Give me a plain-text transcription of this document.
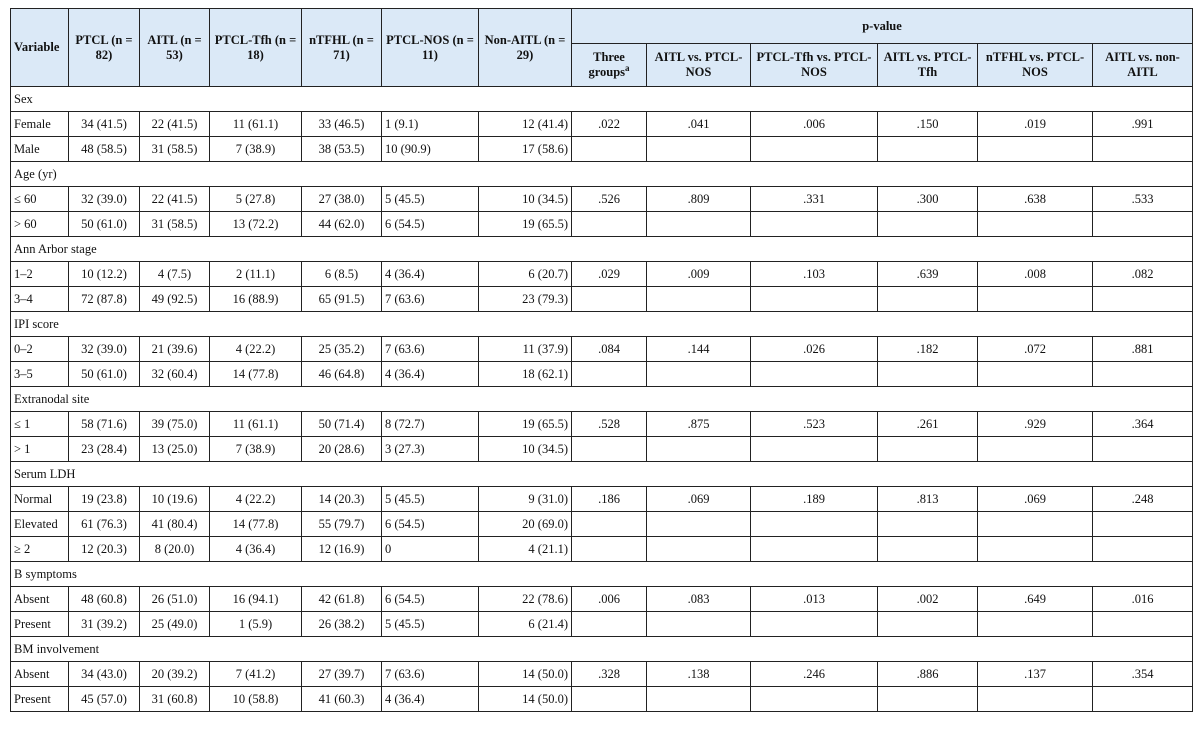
Variable	PTCL (n = 82)	AITL (n = 53)	PTCL-Tfh (n = 18)	nTFHL (n = 71)	PTCL-NOS (n = 11)	Non-AITL (n = 29)	p-value					
							Three groups$^a$	AITL vs. PTCL-NOS	PTCL-Tfh vs. PTCL-NOS	AITL vs. PTCL-Tfh	nTFHL vs. PTCL-NOS	AITL vs. non-AITL
Sex												
Female	34 (41.5)	22 (41.5)	11 (61.1)	33 (46.5)	1 (9.1)	12 (41.4)	.022	.041	.006	.150	.019	.991
Male	48 (58.5)	31 (58.5)	7 (38.9)	38 (53.5)	10 (90.9)	17 (58.6)						
Age (yr)												
≤ 60	32 (39.0)	22 (41.5)	5 (27.8)	27 (38.0)	5 (45.5)	10 (34.5)	.526	.809	.331	.300	.638	.533
> 60	50 (61.0)	31 (58.5)	13 (72.2)	44 (62.0)	6 (54.5)	19 (65.5)						
Ann Arbor stage												
1–2	10 (12.2)	4 (7.5)	2 (11.1)	6 (8.5)	4 (36.4)	6 (20.7)	.029	.009	.103	.639	.008	.082
3–4	72 (87.8)	49 (92.5)	16 (88.9)	65 (91.5)	7 (63.6)	23 (79.3)						
IPI score												
0–2	32 (39.0)	21 (39.6)	4 (22.2)	25 (35.2)	7 (63.6)	11 (37.9)	.084	.144	.026	.182	.072	.881
3–5	50 (61.0)	32 (60.4)	14 (77.8)	46 (64.8)	4 (36.4)	18 (62.1)						
Extranodal site												
≤ 1	58 (71.6)	39 (75.0)	11 (61.1)	50 (71.4)	8 (72.7)	19 (65.5)	.528	.875	.523	.261	.929	.364
> 1	23 (28.4)	13 (25.0)	7 (38.9)	20 (28.6)	3 (27.3)	10 (34.5)						
Serum LDH												
Normal	19 (23.8)	10 (19.6)	4 (22.2)	14 (20.3)	5 (45.5)	9 (31.0)	.186	.069	.189	.813	.069	.248
Elevated	61 (76.3)	41 (80.4)	14 (77.8)	55 (79.7)	6 (54.5)	20 (69.0)						
≥ 2	12 (20.3)	8 (20.0)	4 (36.4)	12 (16.9)	0	4 (21.1)						
B symptoms												
Absent	48 (60.8)	26 (51.0)	16 (94.1)	42 (61.8)	6 (54.5)	22 (78.6)	.006	.083	.013	.002	.649	.016
Present	31 (39.2)	25 (49.0)	1 (5.9)	26 (38.2)	5 (45.5)	6 (21.4)						
BM involvement												
Absent	34 (43.0)	20 (39.2)	7 (41.2)	27 (39.7)	7 (63.6)	14 (50.0)	.328	.138	.246	.886	.137	.354
Present	45 (57.0)	31 (60.8)	10 (58.8)	41 (60.3)	4 (36.4)	14 (50.0)						
